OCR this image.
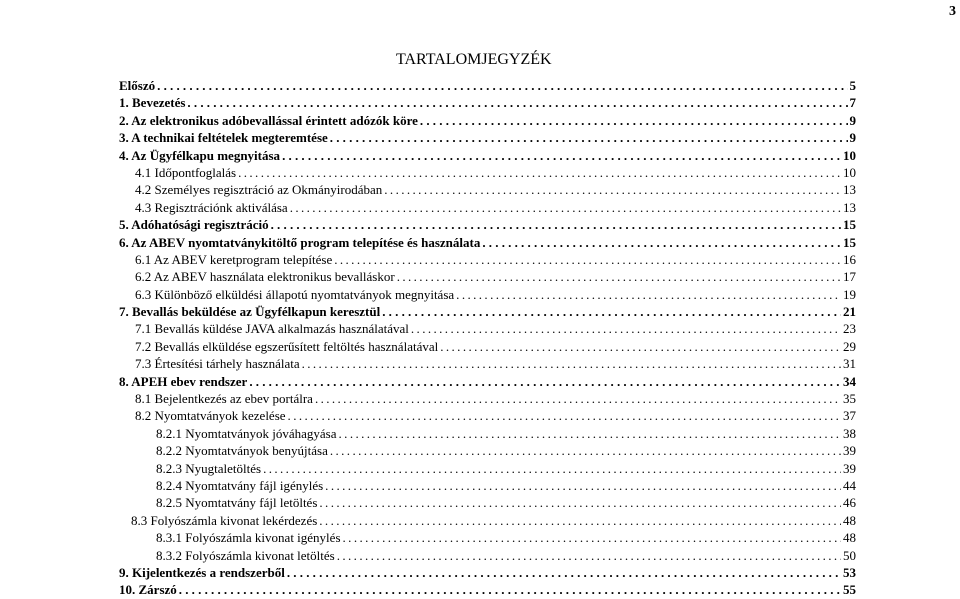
3
TARTALOMJEGYZÉK
Előszó .....	5
1. Bevezetés .....	7
2. Az elektronikus adóbevallással érintett adózók köre .....	9
3. A technikai feltételek megteremtése .....	9
4. Az Ügyfélkapu megnyitása .....	10
4.1 Időpontfoglalás .....	10
4.2 Személyes regisztráció az Okmányirodában .....	13
4.3 Regisztrációnk aktiválása .....	13
5. Adóhatósági regisztráció .....	15
6. Az ABEV nyomtatványkitöltő program telepítése és használata .....	15
6.1 Az ABEV keretprogram telepítése .....	16
6.2 Az ABEV használata elektronikus bevalláskor .....	17
6.3 Különböző elküldési állapotú nyomtatványok megnyitása .....	19
7. Bevallás beküldése az Ügyfélkapun keresztül .....	21
7.1 Bevallás küldése JAVA alkalmazás használatával .....	23
7.2 Bevallás elküldése egszerűsített feltöltés használatával .....	29
7.3 Értesítési tárhely használata .....	31
8. APEH ebev rendszer .....	34
8.1 Bejelentkezés az ebev portálra .....	35
8.2 Nyomtatványok kezelése .....	37
8.2.1 Nyomtatványok jóváhagyása .....	38
8.2.2 Nyomtatványok benyújtása .....	39
8.2.3 Nyugtaletöltés .....	39
8.2.4 Nyomtatvány fájl igénylés .....	44
8.2.5 Nyomtatvány fájl letöltés .....	46
8.3 Folyószámla kivonat lekérdezés .....	48
8.3.1 Folyószámla kivonat igénylés .....	48
8.3.2 Folyószámla kivonat letöltés .....	50
9. Kijelentkezés a rendszerből .....	53
10. Zárszó .....	55
